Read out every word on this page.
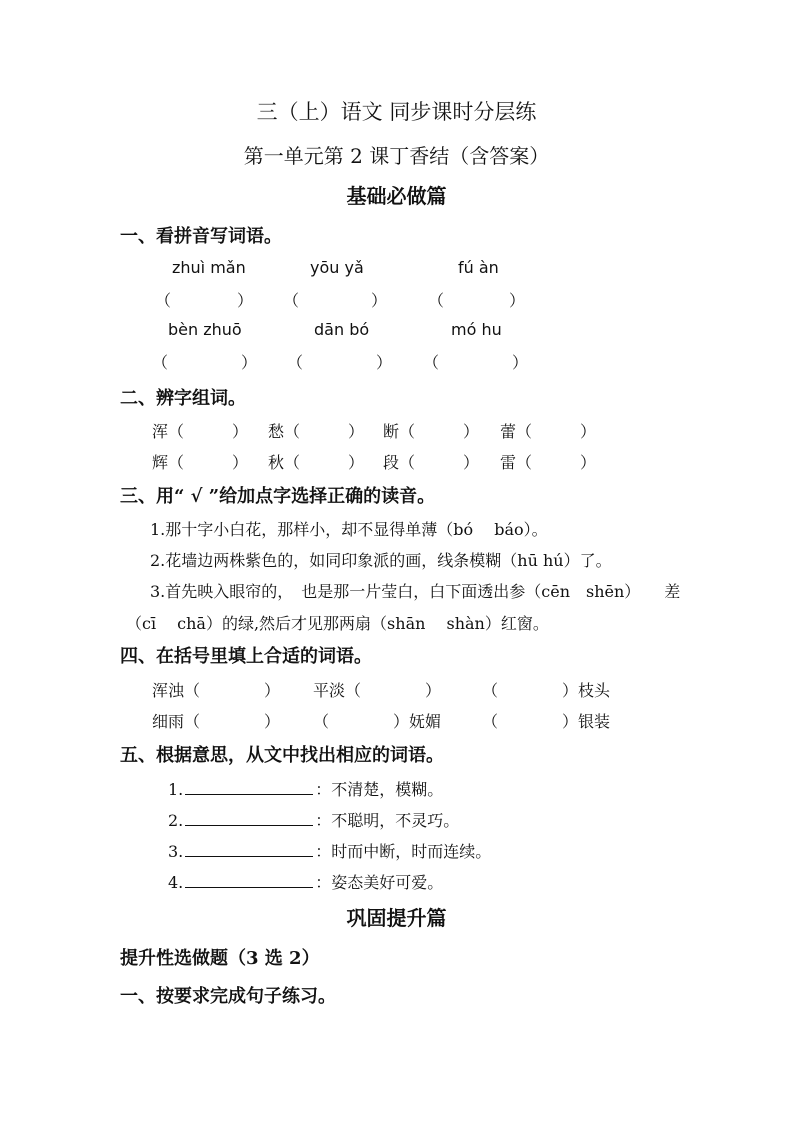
三（上）语文 同步课时分层练
第一单元第 2 课丁香结（含答案）
基础必做篇
一、看拼音写词语。
zhuì mǎn	yōu yǎ	fú àn
（	） （	）	（	）
bèn zhuō	dān bó	mó hu
（	） （	） （	）
二、辨字组词。
浑（　　　） 愁（　　　） 断（　　　） 蕾（　　　）
辉（　　　） 秋（　　　） 段（　　　） 雷（　　　）
三、用“ √ ”给加点字选择正确的读音。
1.那十字小白花，那样小，却不显得单薄（bó　 báo）。
2.花墙边两株紫色的，如同印象派的画，线条模糊（hū hú）了。
3.首先映入眼帘的，　也是那一片莹白，白下面透出参（cēn　shēn）　　差
（cī　 chā）的绿,然后才见那两扇（shān　 shàn）红窗。
四、在括号里填上合适的词语。
浑浊（　　　　） 平淡（　　　　）	（　　　　）枝头
细雨（　　　　） （　　　　）妩媚	（　　　　）银装
五、根据意思，从文中找出相应的词语。
1.	：不清楚，模糊。
2.	：不聪明，不灵巧。
3.	：时而中断，时而连续。
4.	：姿态美好可爱。
巩固提升篇
提升性选做题（3 选 2）
一、按要求完成句子练习。
